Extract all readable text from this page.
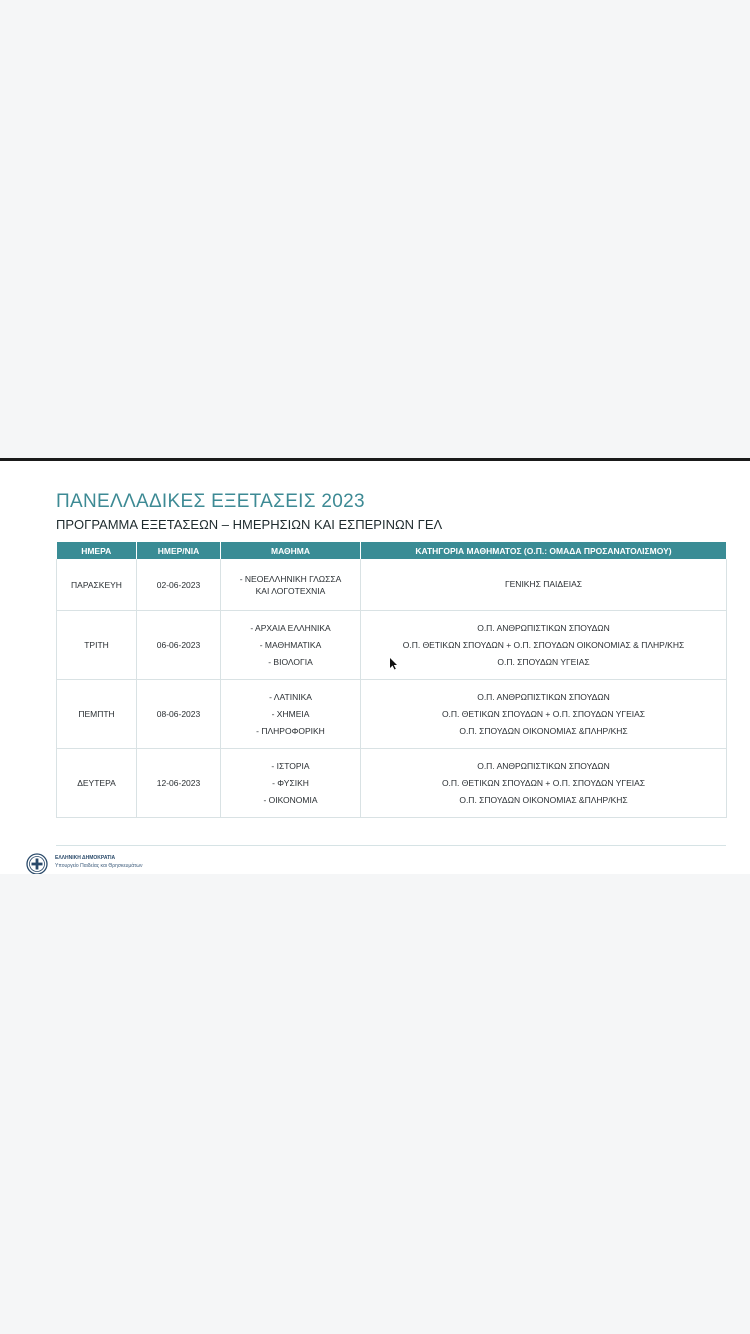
ΠΑΝΕΛΛΑΔΙΚΕΣ ΕΞΕΤΑΣΕΙΣ 2023
ΠΡΟΓΡΑΜΜΑ ΕΞΕΤΑΣΕΩΝ – ΗΜΕΡΗΣΙΩΝ ΚΑΙ ΕΣΠΕΡΙΝΩΝ ΓΕΛ
ΗΜΕΡΑ	ΗΜΕΡ/ΝΙΑ	ΜΑΘΗΜΑ	ΚΑΤΗΓΟΡΙΑ ΜΑΘΗΜΑΤΟΣ (Ο.Π.: ΟΜΑΔΑ ΠΡΟΣΑΝΑΤΟΛΙΣΜΟΥ)
ΠΑΡΑΣΚΕΥΗ	02-06-2023	- ΝΕΟΕΛΛΗΝΙΚΗ ΓΛΩΣΣΑ
ΚΑΙ ΛΟΓΟΤΕΧΝΙΑ	ΓΕΝΙΚΗΣ ΠΑΙΔΕΙΑΣ

ΤΡΙΤΗ	06-06-2023	- ΑΡΧΑΙΑ ΕΛΛΗΝΙΚΑ
- ΜΑΘΗΜΑΤΙΚΑ
- ΒΙΟΛΟΓΙΑ	Ο.Π. ΑΝΘΡΩΠΙΣΤΙΚΩΝ ΣΠΟΥΔΩΝ
Ο.Π. ΘΕΤΙΚΩΝ ΣΠΟΥΔΩΝ + Ο.Π. ΣΠΟΥΔΩΝ ΟΙΚΟΝΟΜΙΑΣ & ΠΛΗΡ/ΚΗΣ
Ο.Π. ΣΠΟΥΔΩΝ ΥΓΕΙΑΣ

ΠΕΜΠΤΗ	08-06-2023	- ΛΑΤΙΝΙΚΑ
- ΧΗΜΕΙΑ
- ΠΛΗΡΟΦΟΡΙΚΗ	Ο.Π. ΑΝΘΡΩΠΙΣΤΙΚΩΝ ΣΠΟΥΔΩΝ
Ο.Π. ΘΕΤΙΚΩΝ ΣΠΟΥΔΩΝ + Ο.Π. ΣΠΟΥΔΩΝ ΥΓΕΙΑΣ
Ο.Π. ΣΠΟΥΔΩΝ ΟΙΚΟΝΟΜΙΑΣ &ΠΛΗΡ/ΚΗΣ

ΔΕΥΤΕΡΑ	12-06-2023	- ΙΣΤΟΡΙΑ
- ΦΥΣΙΚΗ
- ΟΙΚΟΝΟΜΙΑ	Ο.Π. ΑΝΘΡΩΠΙΣΤΙΚΩΝ ΣΠΟΥΔΩΝ
Ο.Π. ΘΕΤΙΚΩΝ ΣΠΟΥΔΩΝ + Ο.Π. ΣΠΟΥΔΩΝ ΥΓΕΙΑΣ
Ο.Π. ΣΠΟΥΔΩΝ ΟΙΚΟΝΟΜΙΑΣ &ΠΛΗΡ/ΚΗΣ
ΕΛΛΗΝΙΚΗ ΔΗΜΟΚΡΑΤΙΑ
Υπουργείο Παιδείας και Θρησκευμάτων
